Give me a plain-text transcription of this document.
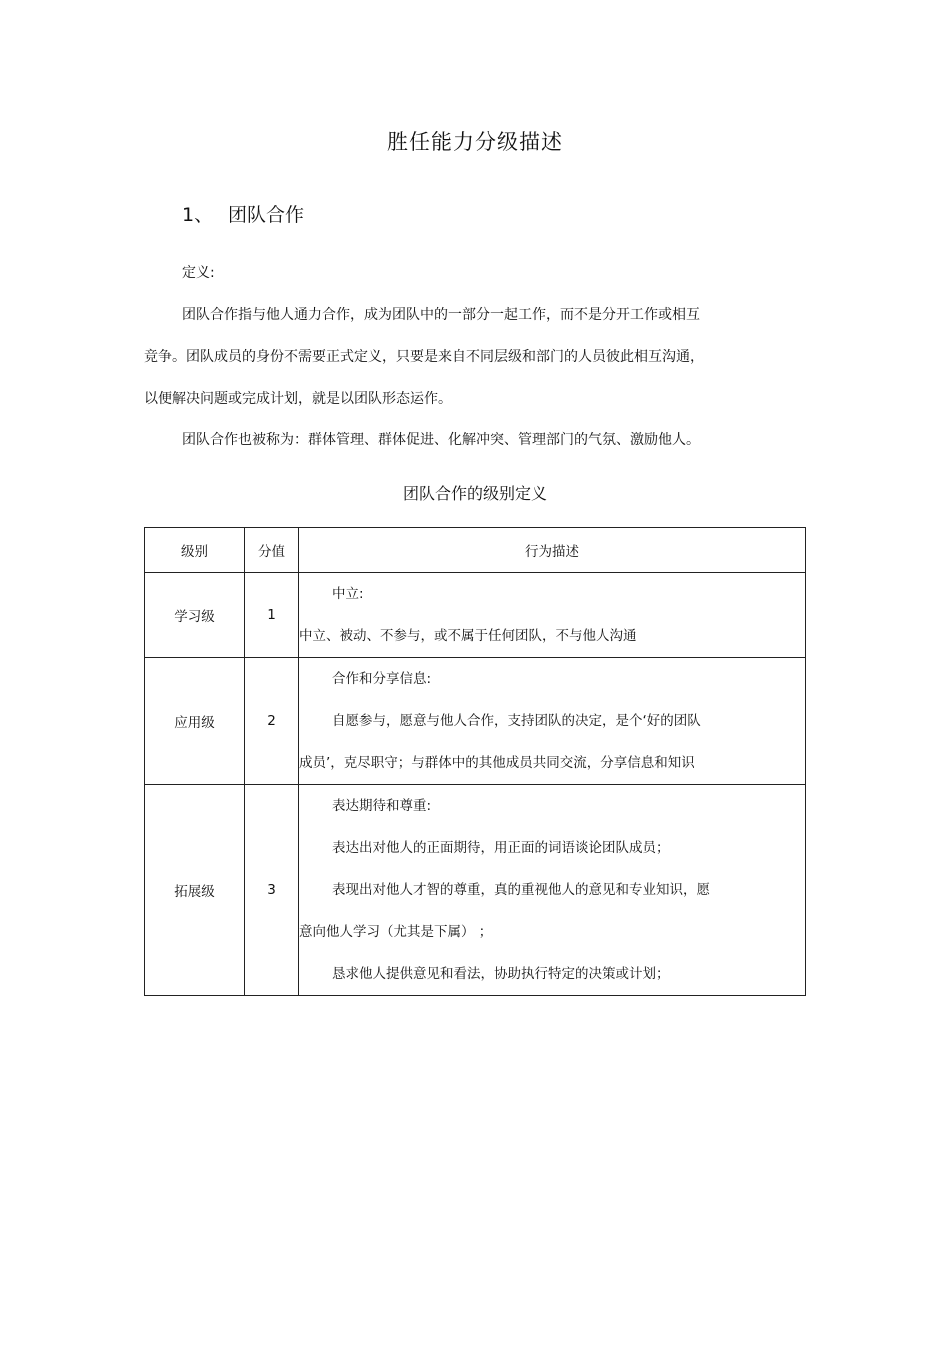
胜任能力分级描述
1、 团队合作
定义:
团队合作指与他人通力合作，成为团队中的一部分一起工作，而不是分开工作或相互
竞争。团队成员的身份不需要正式定义，只要是来自不同层级和部门的人员彼此相互沟通，
以便解决问题或完成计划，就是以团队形态运作。
团队合作也被称为：群体管理、群体促进、化解冲突、管理部门的气氛、激励他人。
团队合作的级别定义
级别	分值	行为描述
学习级	1	中立:
中立、被动、不参与，或不属于任何团队，不与他人沟通

应用级	2	合作和分享信息:
自愿参与，愿意与他人合作，支持团队的决定，是个‘好的团队
成员’，克尽职守；与群体中的其他成员共同交流，分享信息和知识

拓展级	3	表达期待和尊重:
表达出对他人的正面期待，用正面的词语谈论团队成员；
表现出对他人才智的尊重，真的重视他人的意见和专业知识，愿
意向他人学习（尤其是下属） ；
恳求他人提供意见和看法，协助执行特定的决策或计划；
